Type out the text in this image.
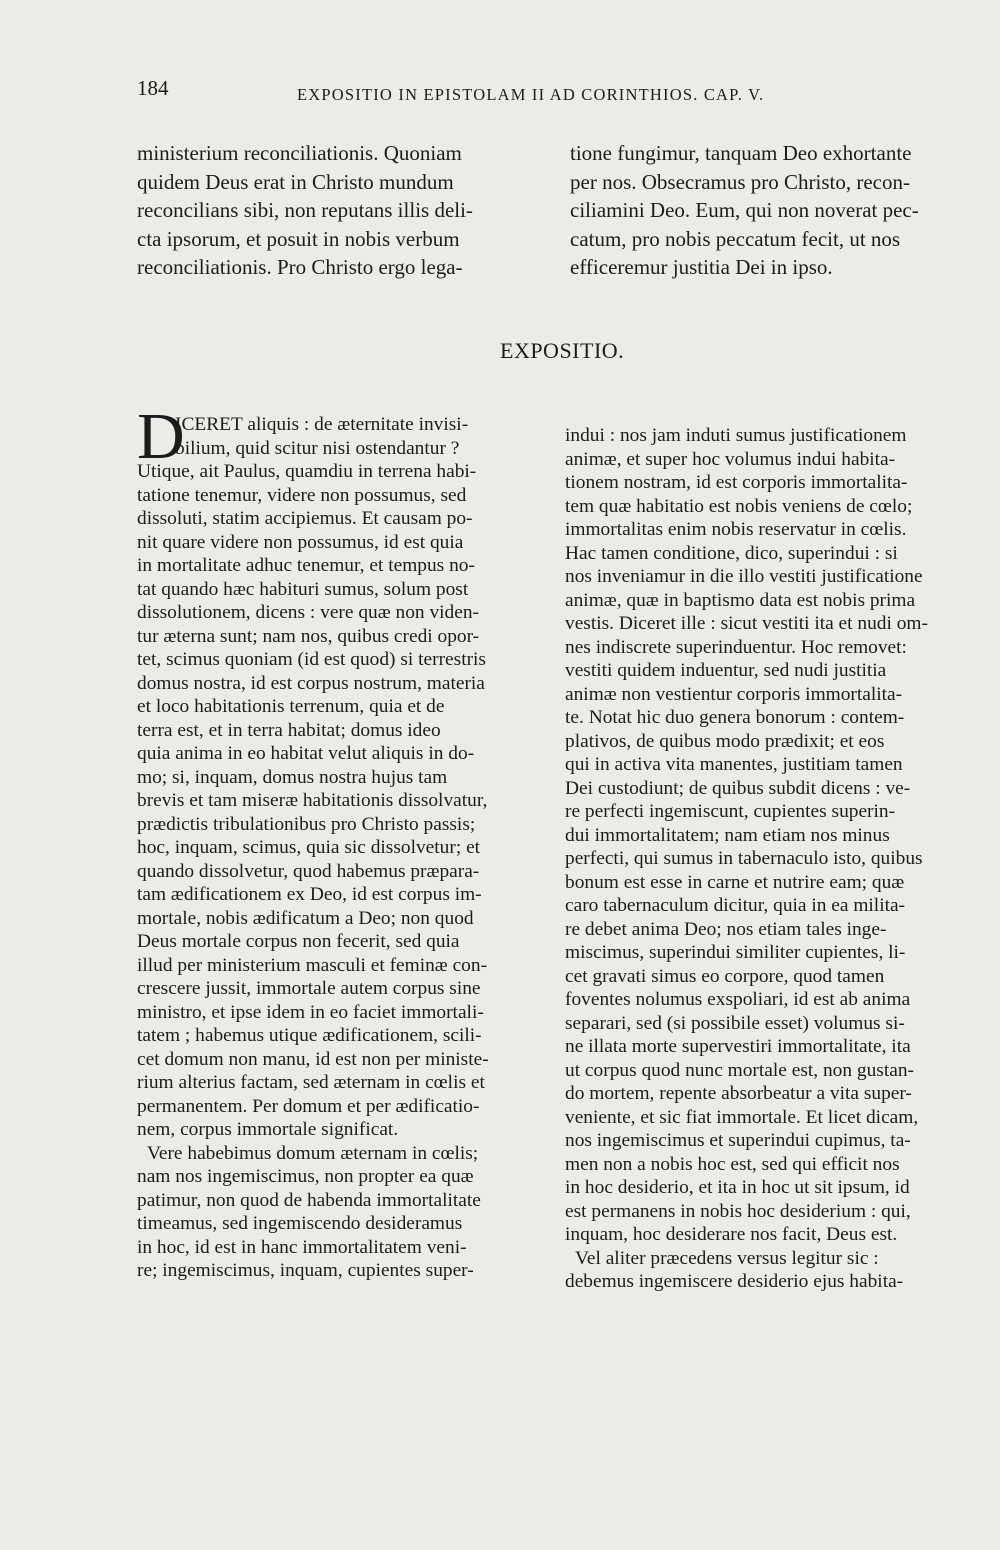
184	EXPOSITIO IN EPISTOLAM II AD CORINTHIOS. CAP. V.
ministerium reconciliationis. Quoniam
quidem Deus erat in Christo mundum
reconcilians sibi, non reputans illis deli-
cta ipsorum, et posuit in nobis verbum
reconciliationis. Pro Christo ergo lega-
tione fungimur, tanquam Deo exhortante
per nos. Obsecramus pro Christo, recon-
ciliamini Deo. Eum, qui non noverat pec-
catum, pro nobis peccatum fecit, ut nos
efficeremur justitia Dei in ipso.
EXPOSITIO.
D
ICERET aliquis : de æternitate invisi-
bilium, quid scitur nisi ostendantur ?
Utique, ait Paulus, quamdiu in terrena habi-
tatione tenemur, videre non possumus, sed
dissoluti, statim accipiemus. Et causam po-
nit quare videre non possumus, id est quia
in mortalitate adhuc tenemur, et tempus no-
tat quando hæc habituri sumus, solum post
dissolutionem, dicens : vere quæ non viden-
tur æterna sunt; nam nos, quibus credi opor-
tet, scimus quoniam (id est quod) si terrestris
domus nostra, id est corpus nostrum, materia
et loco habitationis terrenum, quia et de
terra est, et in terra habitat; domus ideo
quia anima in eo habitat velut aliquis in do-
mo; si, inquam, domus nostra hujus tam
brevis et tam miseræ habitationis dissolvatur,
prædictis tribulationibus pro Christo passis;
hoc, inquam, scimus, quia sic dissolvetur; et
quando dissolvetur, quod habemus præpara-
tam ædificationem ex Deo, id est corpus im-
mortale, nobis ædificatum a Deo; non quod
Deus mortale corpus non fecerit, sed quia
illud per ministerium masculi et feminæ con-
crescere jussit, immortale autem corpus sine
ministro, et ipse idem in eo faciet immortali-
tatem ; habemus utique ædificationem, scili-
cet domum non manu, id est non per ministe-
rium alterius factam, sed æternam in cœlis et
permanentem. Per domum et per ædificatio-
nem, corpus immortale significat.
Vere habebimus domum æternam in cœlis;
nam nos ingemiscimus, non propter ea quæ
patimur, non quod de habenda immortalitate
timeamus, sed ingemiscendo desideramus
in hoc, id est in hanc immortalitatem veni-
re; ingemiscimus, inquam, cupientes super-
indui : nos jam induti sumus justificationem
animæ, et super hoc volumus indui habita-
tionem nostram, id est corporis immortalita-
tem quæ habitatio est nobis veniens de cœlo;
immortalitas enim nobis reservatur in cœlis.
Hac tamen conditione, dico, superindui : si
nos inveniamur in die illo vestiti justificatione
animæ, quæ in baptismo data est nobis prima
vestis. Diceret ille : sicut vestiti ita et nudi om-
nes indiscrete superinduentur. Hoc removet:
vestiti quidem induentur, sed nudi justitia
animæ non vestientur corporis immortalita-
te. Notat hic duo genera bonorum : contem-
plativos, de quibus modo prædixit; et eos
qui in activa vita manentes, justitiam tamen
Dei custodiunt; de quibus subdit dicens : ve-
re perfecti ingemiscunt, cupientes superin-
dui immortalitatem; nam etiam nos minus
perfecti, qui sumus in tabernaculo isto, quibus
bonum est esse in carne et nutrire eam; quæ
caro tabernaculum dicitur, quia in ea milita-
re debet anima Deo; nos etiam tales inge-
miscimus, superindui similiter cupientes, li-
cet gravati simus eo corpore, quod tamen
foventes nolumus exspoliari, id est ab anima
separari, sed (si possibile esset) volumus si-
ne illata morte supervestiri immortalitate, ita
ut corpus quod nunc mortale est, non gustan-
do mortem, repente absorbeatur a vita super-
veniente, et sic fiat immortale. Et licet dicam,
nos ingemiscimus et superindui cupimus, ta-
men non a nobis hoc est, sed qui efficit nos
in hoc desiderio, et ita in hoc ut sit ipsum, id
est permanens in nobis hoc desiderium : qui,
inquam, hoc desiderare nos facit, Deus est.
Vel aliter præcedens versus legitur sic :
debemus ingemiscere desiderio ejus habita-
